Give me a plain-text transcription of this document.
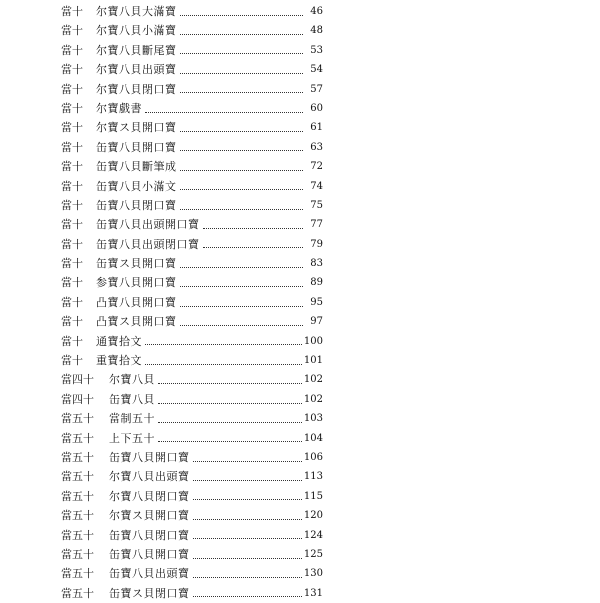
當十 尔寶八貝大滿寶	46
當十 尔寶八貝小滿寶	48
當十 尔寶八貝斷尾寶	53
當十 尔寶八貝出頭寶	54
當十 尔寶八貝閉口寶	57
當十 尔寶戲書	60
當十 尔寶ス貝開口寶	61
當十 缶寶八貝開口寶	63
當十 缶寶八貝斷筆成	72
當十 缶寶八貝小滿文	74
當十 缶寶八貝閉口寶	75
當十 缶寶八貝出頭開口寶	77
當十 缶寶八貝出頭閉口寶	79
當十 缶寶ス貝開口寶	83
當十 参寶八貝開口寶	89
當十 凸寶八貝開口寶	95
當十 凸寶ス貝開口寶	97
當十 通寶拾文	100
當十 重寶拾文	101
當四十 尔寶八貝	102
當四十 缶寶八貝	102
當五十 當制五十	103
當五十 上下五十	104
當五十 缶寶八貝開口寶	106
當五十 尔寶八貝出頭寶	113
當五十 尔寶八貝閉口寶	115
當五十 尔寶ス貝開口寶	120
當五十 缶寶八貝閉口寶	124
當五十 缶寶八貝開口寶	125
當五十 缶寶八貝出頭寶	130
當五十 缶寶ス貝閉口寶	131
